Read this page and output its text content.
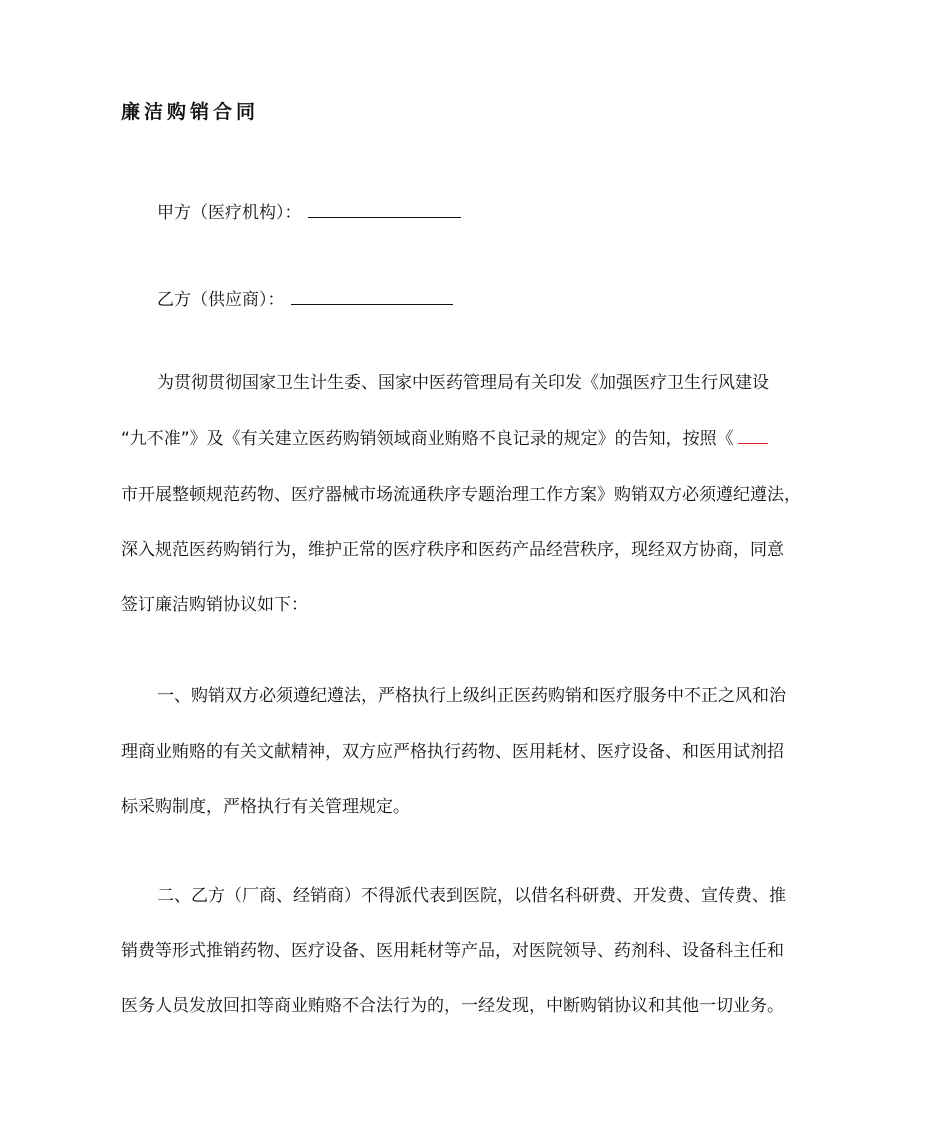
廉洁购销合同

甲方（医疗机构）：

乙方（供应商）：

为贯彻贯彻国家卫生计生委、国家中医药管理局有关印发《加强医疗卫生行风建设

“九不准”》及《有关建立医药购销领域商业贿赂不良记录的规定》的告知，按照《

市开展整顿规范药物、医疗器械市场流通秩序专题治理工作方案》购销双方必须遵纪遵法，

深入规范医药购销行为，维护正常的医疗秩序和医药产品经营秩序，现经双方协商，同意

签订廉洁购销协议如下：

一、购销双方必须遵纪遵法，严格执行上级纠正医药购销和医疗服务中不正之风和治

理商业贿赂的有关文献精神，双方应严格执行药物、医用耗材、医疗设备、和医用试剂招

标采购制度，严格执行有关管理规定。

二、乙方（厂商、经销商）不得派代表到医院，以借名科研费、开发费、宣传费、推

销费等形式推销药物、医疗设备、医用耗材等产品，对医院领导、药剂科、设备科主任和

医务人员发放回扣等商业贿赂不合法行为的，一经发现，中断购销协议和其他一切业务。
